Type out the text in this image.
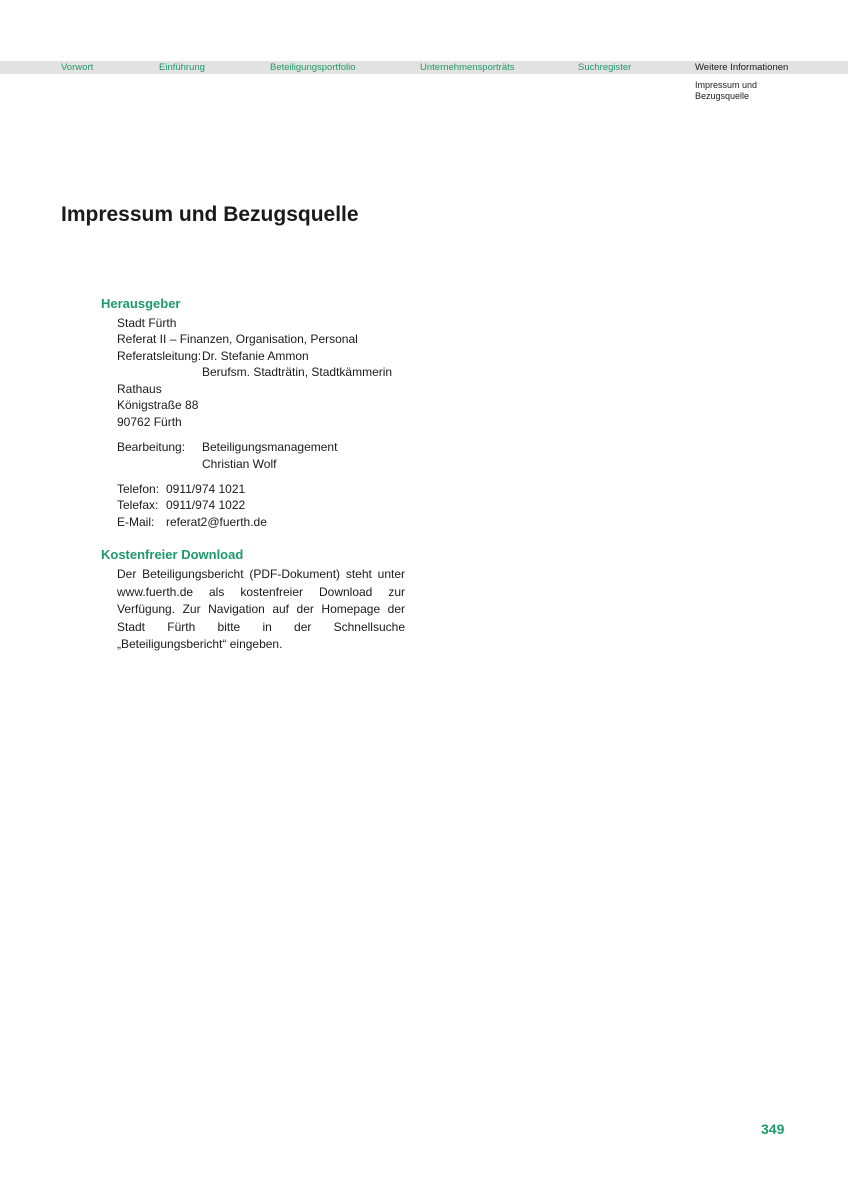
Vorwort	Einführung	Beteiligungsportfolio	Unternehmensporträts	Suchregister	Weitere Informationen
Impressum und
Bezugsquelle
Impressum und Bezugsquelle
Herausgeber
Stadt Fürth
Referat II – Finanzen, Organisation, Personal
Referatsleitung: Dr. Stefanie Ammon
Berufsm. Stadträtin, Stadtkämmerin
Rathaus
Königstraße 88
90762 Fürth
Bearbeitung: Beteiligungsmanagement
Christian Wolf
Telefon: 0911/974 1021
Telefax: 0911/974 1022
E-Mail: referat2@fuerth.de
Kostenfreier Download
Der Beteiligungsbericht (PDF-Dokument) steht unter www.fuerth.de als kostenfreier Download zur Verfügung. Zur Navigation auf der Homepage der Stadt Fürth bitte in der Schnellsuche „Beteiligungsbericht“ eingeben.
349
